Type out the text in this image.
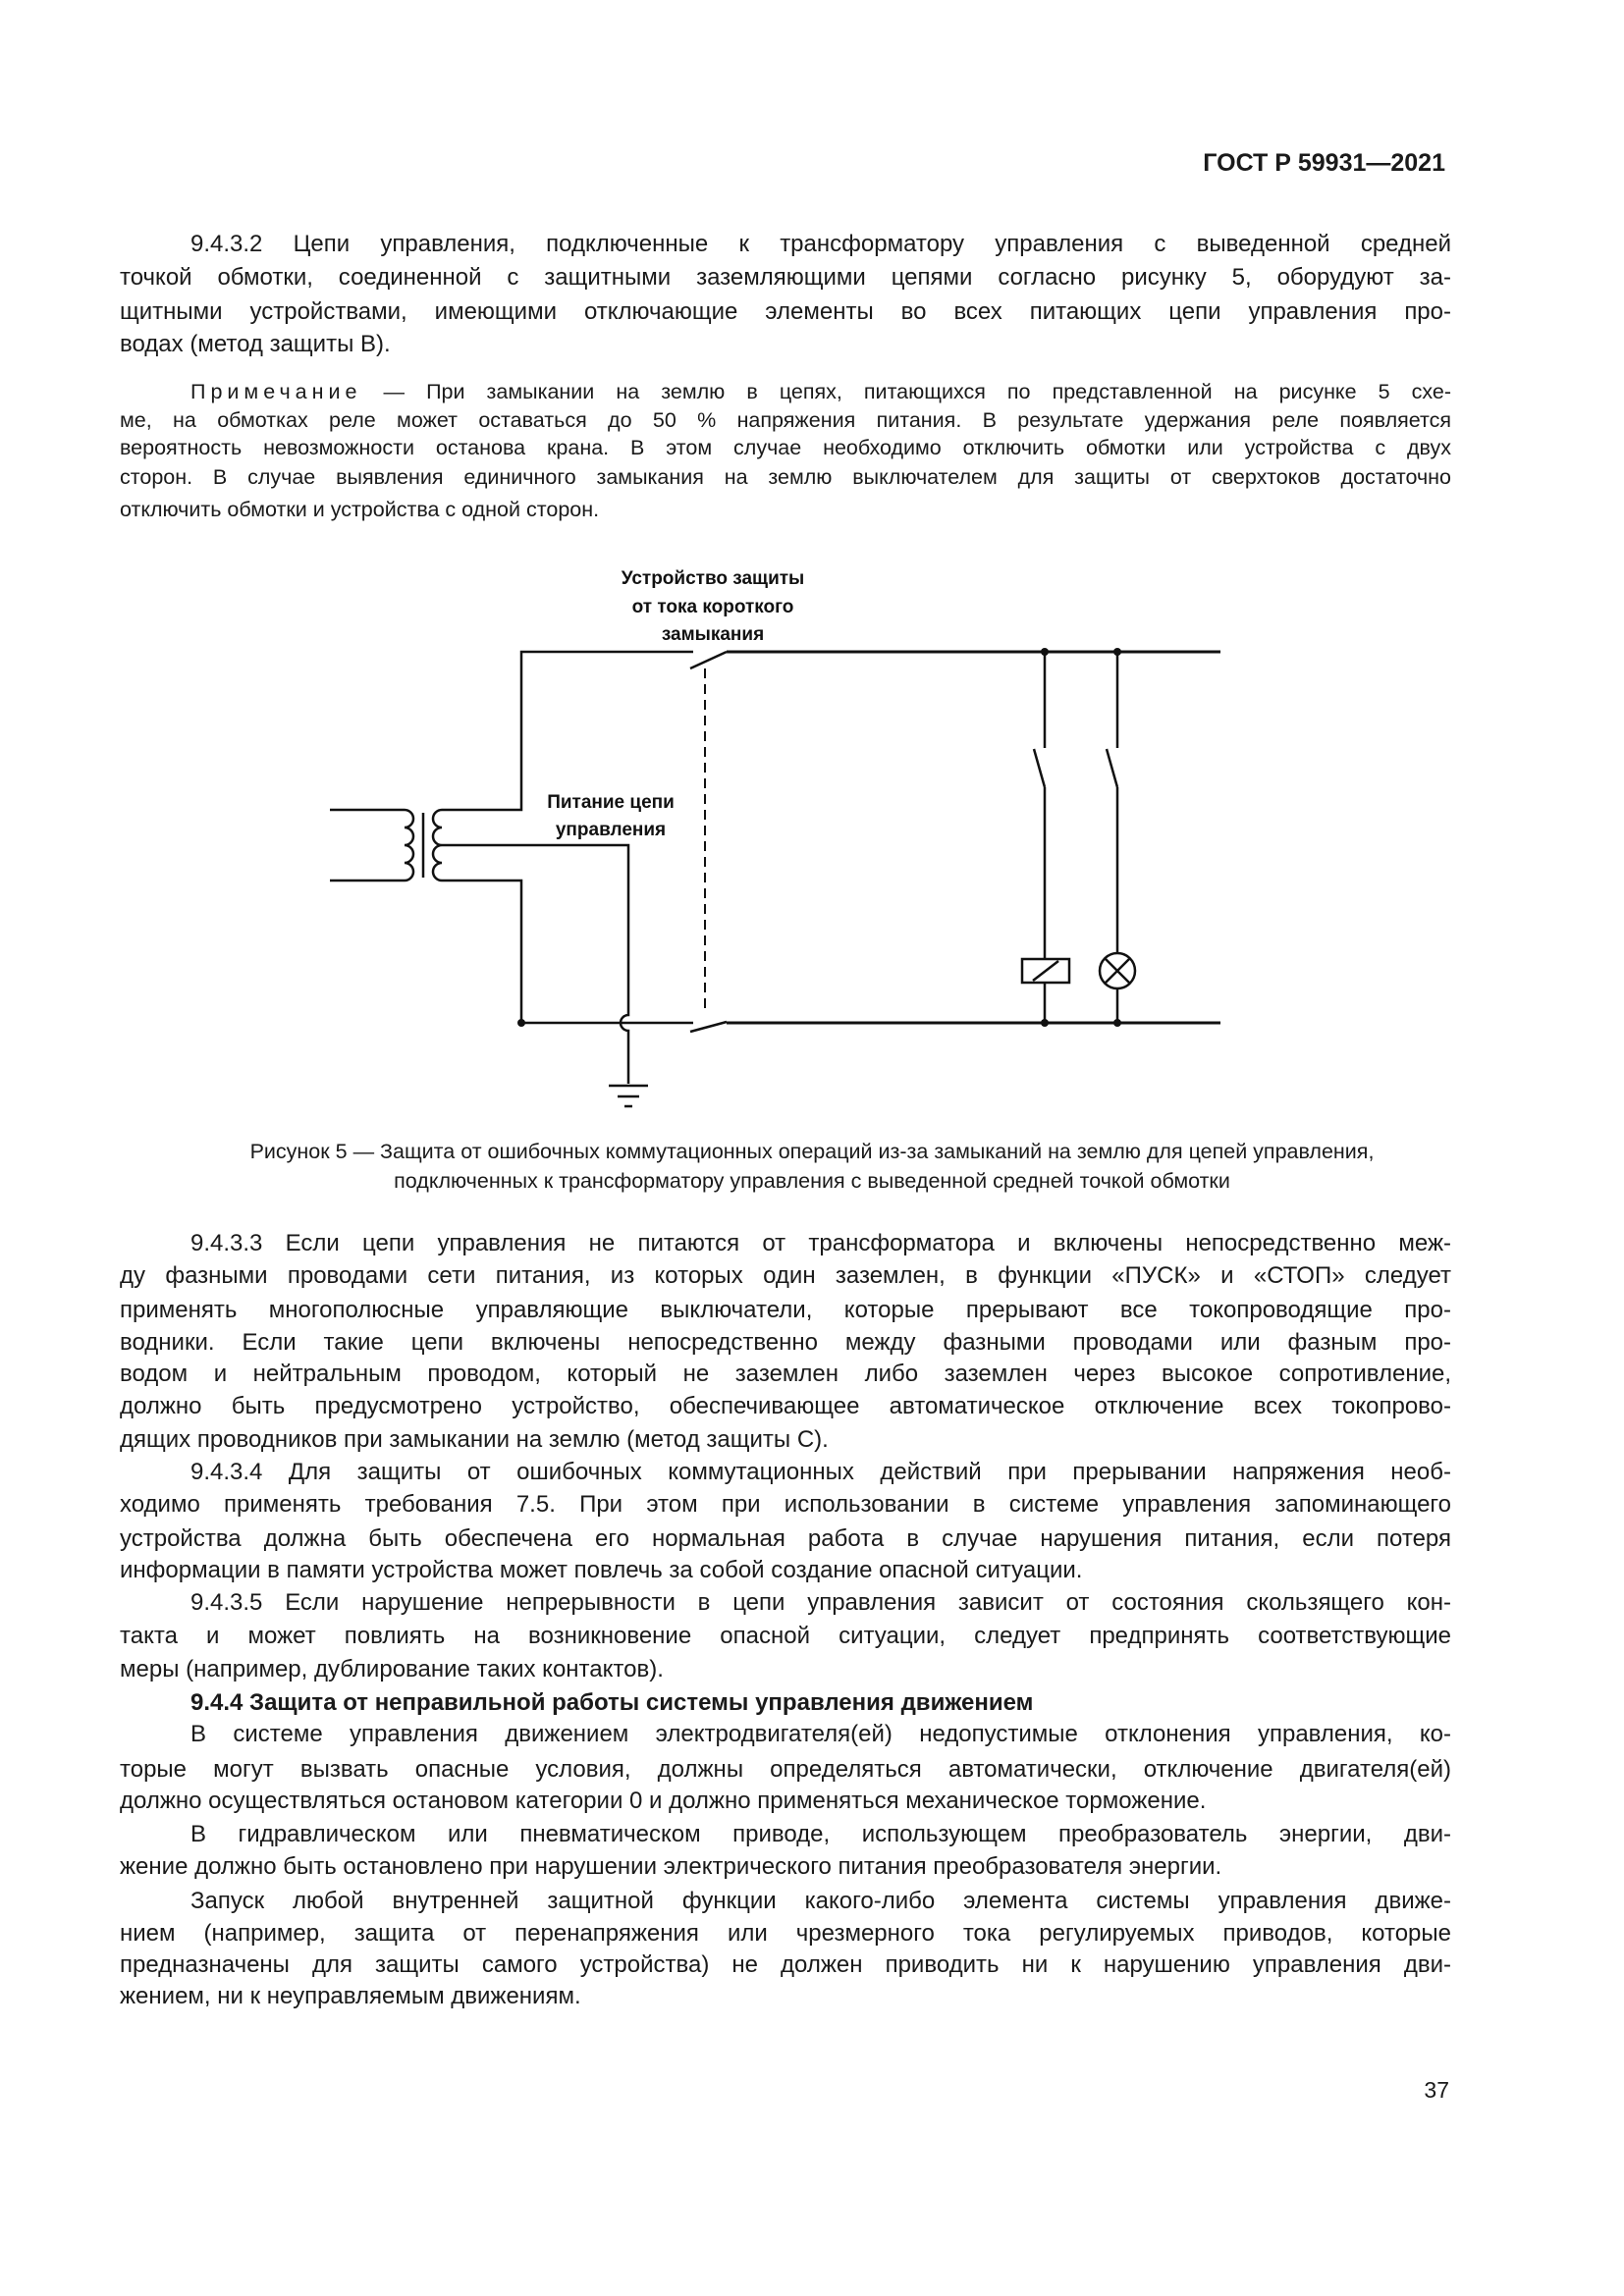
ГОСТ Р 59931—2021
9.4.3.2 Цепи управления, подключенные к трансформатору управления с выведенной средней
точкой обмотки, соединенной с защитными заземляющими цепями согласно рисунку 5, оборудуют за-
щитными устройствами, имеющими отключающие элементы во всех питающих цепи управления про-
водах (метод защиты B).
Примечание — При замыкании на землю в цепях, питающихся по представленной на рисунке 5 схе-
ме, на обмотках реле может оставаться до 50 % напряжения питания. В результате удержания реле появляется
вероятность невозможности останова крана. В этом случае необходимо отключить обмотки или устройства с двух
сторон. В случае выявления единичного замыкания на землю выключателем для защиты от сверхтоков достаточно
отключить обмотки и устройства с одной сторон.
Устройство защиты
от тока короткого
замыкания
Питание цепи
управления
Рисунок 5 — Защита от ошибочных коммутационных операций из-за замыканий на землю для цепей управления,
подключенных к трансформатору управления с выведенной средней точкой обмотки
9.4.3.3 Если цепи управления не питаются от трансформатора и включены непосредственно меж-
ду фазными проводами сети питания, из которых один заземлен, в функции «ПУСК» и «СТОП» следует
применять многополюсные управляющие выключатели, которые прерывают все токопроводящие про-
водники. Если такие цепи включены непосредственно между фазными проводами или фазным про-
водом и нейтральным проводом, который не заземлен либо заземлен через высокое сопротивление,
должно быть предусмотрено устройство, обеспечивающее автоматическое отключение всех токопрово-
дящих проводников при замыкании на землю (метод защиты C).
9.4.3.4 Для защиты от ошибочных коммутационных действий при прерывании напряжения необ-
ходимо применять требования 7.5. При этом при использовании в системе управления запоминающего
устройства должна быть обеспечена его нормальная работа в случае нарушения питания, если потеря
информации в памяти устройства может повлечь за собой создание опасной ситуации.
9.4.3.5 Если нарушение непрерывности в цепи управления зависит от состояния скользящего кон-
такта и может повлиять на возникновение опасной ситуации, следует предпринять соответствующие
меры (например, дублирование таких контактов).
9.4.4 Защита от неправильной работы системы управления движением
В системе управления движением электродвигателя(ей) недопустимые отклонения управления, ко-
торые могут вызвать опасные условия, должны определяться автоматически, отключение двигателя(ей)
должно осуществляться остановом категории 0 и должно применяться механическое торможение.
В гидравлическом или пневматическом приводе, использующем преобразователь энергии, дви-
жение должно быть остановлено при нарушении электрического питания преобразователя энергии.
Запуск любой внутренней защитной функции какого-либо элемента системы управления движе-
нием (например, защита от перенапряжения или чрезмерного тока регулируемых приводов, которые
предназначены для защиты самого устройства) не должен приводить ни к нарушению управления дви-
жением, ни к неуправляемым движениям.
37
